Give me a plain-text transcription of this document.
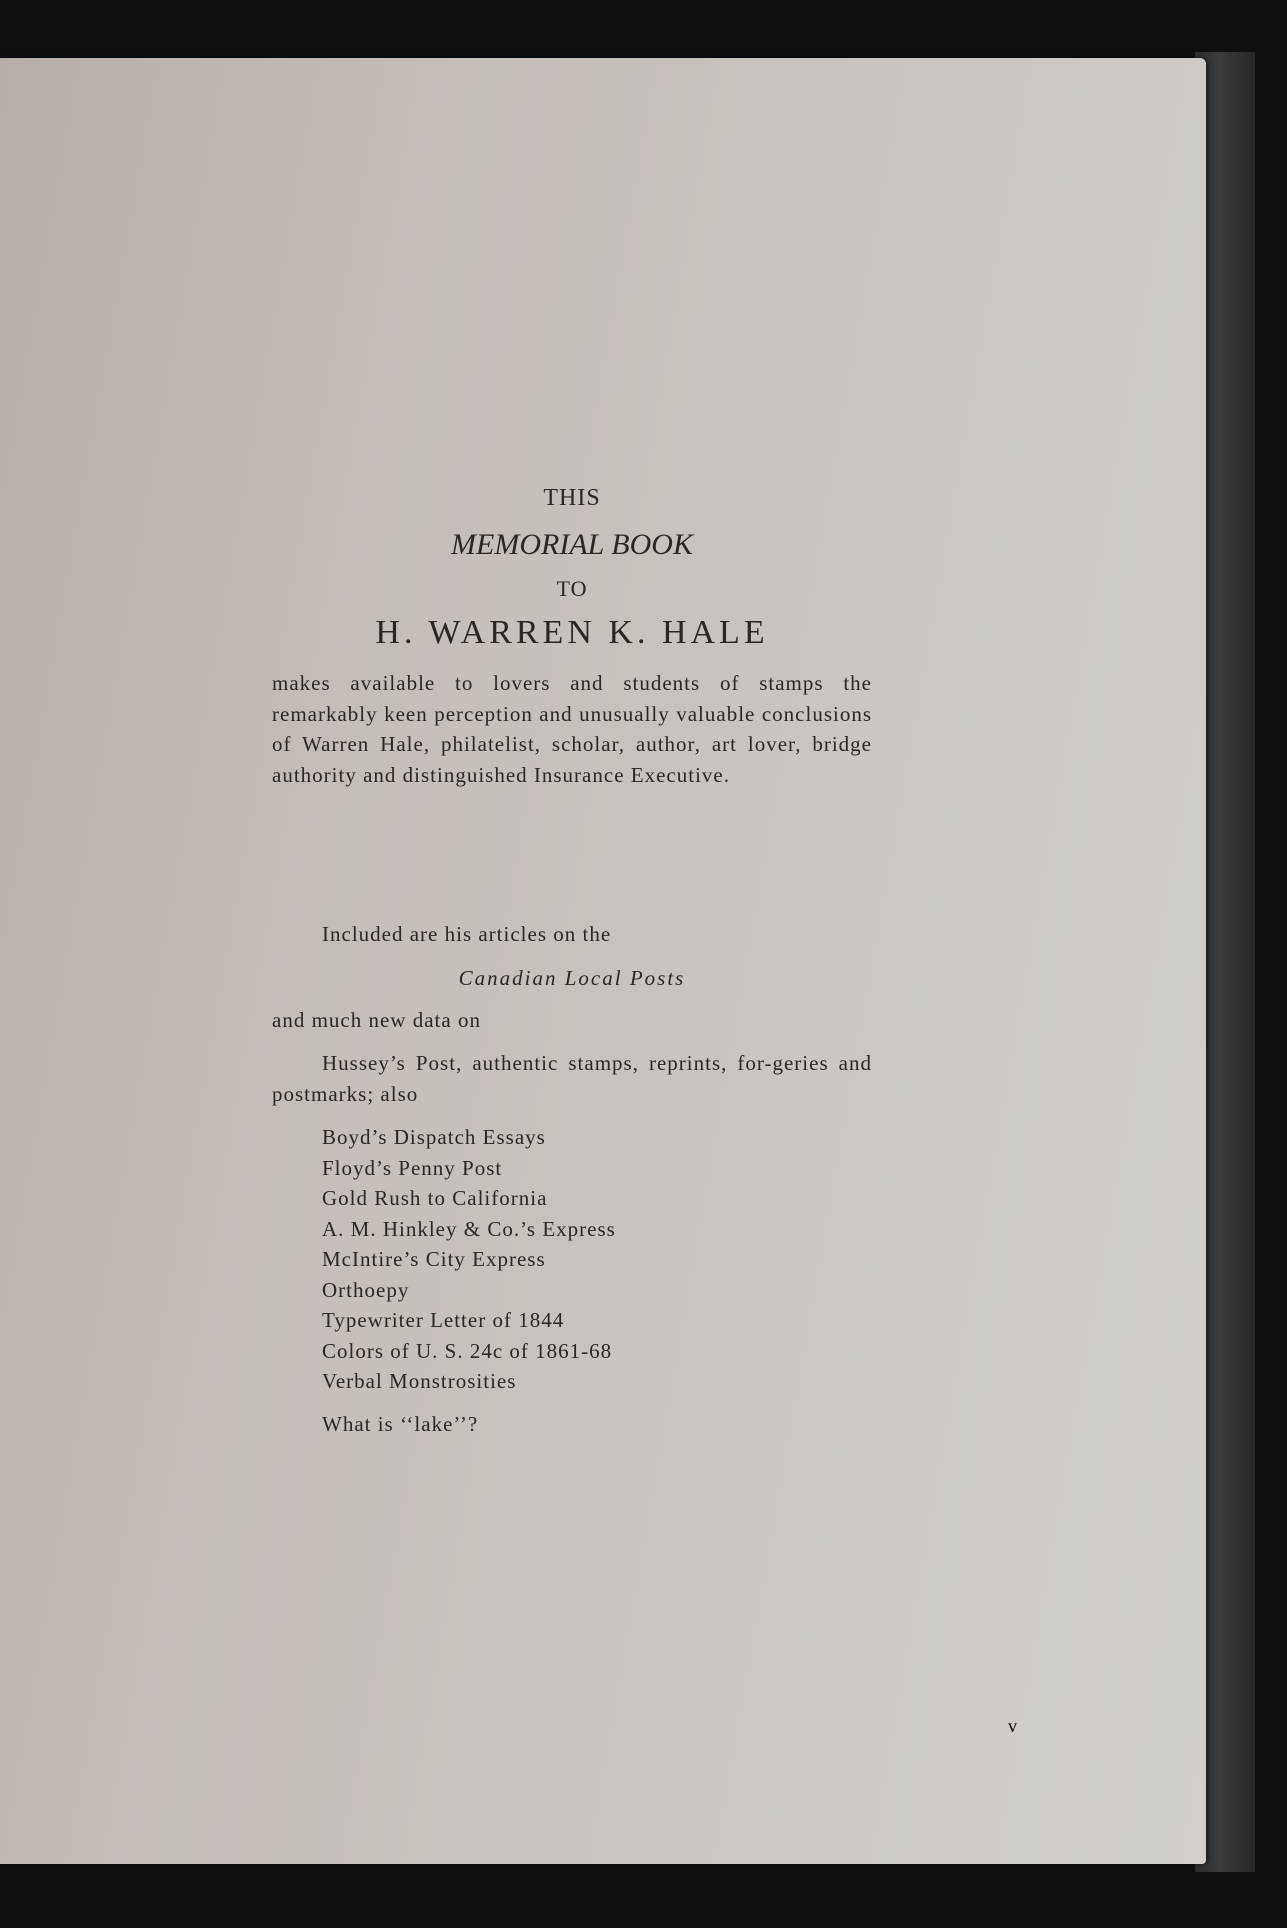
THIS
MEMORIAL BOOK
TO
H. WARREN K. HALE
makes available to lovers and students of stamps the remarkably keen perception and unusually valuable conclusions of Warren Hale, philatelist, scholar, author, art lover, bridge authority and distinguished Insurance Executive.
Included are his articles on the
Canadian Local Posts
and much new data on
Hussey’s Post, authentic stamps, reprints, for-geries and postmarks; also
Boyd’s Dispatch Essays
Floyd’s Penny Post
Gold Rush to California
A. M. Hinkley & Co.’s Express
McIntire’s City Express
Orthoepy
Typewriter Letter of 1844
Colors of U. S. 24c of 1861-68
Verbal Monstrosities
What is ‘‘lake’’?
v
